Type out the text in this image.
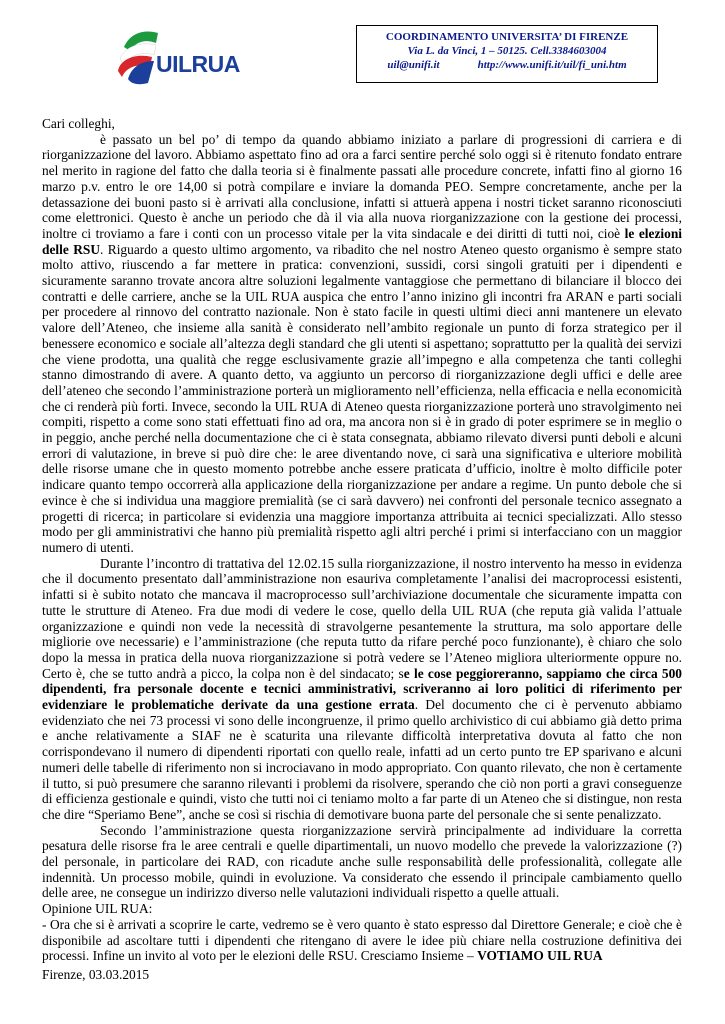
UILRUA
COORDINAMENTO UNIVERSITA’ DI FIRENZE
Via L. da Vinci, 1 – 50125. Cell.3384603004
uil@unifi.it	http://www.unifi.it/uil/fi_uni.htm

Cari colleghi,

è passato un bel po’ di tempo da quando abbiamo iniziato a parlare di progressioni di carriera e di riorganizzazione del lavoro. Abbiamo aspettato fino ad ora a farci sentire perché solo oggi si è ritenuto fondato entrare nel merito in ragione del fatto che dalla teoria si è finalmente passati alle procedure concrete, infatti fino al giorno 16 marzo p.v. entro le ore 14,00 si potrà compilare e inviare la domanda PEO. Sempre concretamente, anche per la detassazione dei buoni pasto si è arrivati alla conclusione, infatti si attuerà appena i nostri ticket saranno riconosciuti come elettronici. Questo è anche un periodo che dà il via alla nuova riorganizzazione con la gestione dei processi, inoltre ci troviamo a fare i conti con un processo vitale per la vita sindacale e dei diritti di tutti noi, cioè le elezioni delle RSU. Riguardo a questo ultimo argomento, va ribadito che nel nostro Ateneo questo organismo è sempre stato molto attivo, riuscendo a far mettere in pratica: convenzioni, sussidi, corsi singoli gratuiti per i dipendenti e sicuramente saranno trovate ancora altre soluzioni legalmente vantaggiose che permettano di bilanciare il blocco dei contratti e delle carriere, anche se la UIL RUA auspica che entro l’anno inizino gli incontri fra ARAN e parti sociali per procedere al rinnovo del contratto nazionale. Non è stato facile in questi ultimi dieci anni mantenere un elevato valore dell’Ateneo, che insieme alla sanità è considerato nell’ambito regionale un punto di forza strategico per il benessere economico e sociale all’altezza degli standard che gli utenti si aspettano; soprattutto per la qualità dei servizi che viene prodotta, una qualità che regge esclusivamente grazie all’impegno e alla competenza che tanti colleghi stanno dimostrando di avere. A quanto detto, va aggiunto un percorso di riorganizzazione degli uffici e delle aree dell’ateneo che secondo l’amministrazione porterà un miglioramento nell’efficienza, nella efficacia e nella economicità che ci renderà più forti. Invece, secondo la UIL RUA di Ateneo questa riorganizzazione porterà uno stravolgimento nei compiti, rispetto a come sono stati effettuati fino ad ora, ma ancora non si è in grado di poter esprimere se in meglio o in peggio, anche perché nella documentazione che ci è stata consegnata, abbiamo rilevato diversi punti deboli e alcuni errori di valutazione, in breve si può dire che: le aree diventando nove, ci sarà una significativa e ulteriore mobilità delle risorse umane che in questo momento potrebbe anche essere praticata d’ufficio, inoltre è molto difficile poter indicare quanto tempo occorrerà alla applicazione della riorganizzazione per andare a regime. Un punto debole che si evince è che si individua una maggiore premialità (se ci sarà davvero) nei confronti del personale tecnico assegnato a progetti di ricerca; in particolare si evidenzia una maggiore importanza attribuita ai tecnici specializzati. Allo stesso modo per gli amministrativi che hanno più premialità rispetto agli altri perché i primi si interfacciano con un maggior numero di utenti.

Durante l’incontro di trattativa del 12.02.15 sulla riorganizzazione, il nostro intervento ha messo in evidenza che il documento presentato dall’amministrazione non esauriva completamente l’analisi dei macroprocessi esistenti, infatti si è subito notato che mancava il macroprocesso sull’archiviazione documentale che sicuramente impatta con tutte le strutture di Ateneo. Fra due modi di vedere le cose, quello della UIL RUA (che reputa già valida l’attuale organizzazione e quindi non vede la necessità di stravolgerne pesantemente la struttura, ma solo apportare delle migliorie ove necessarie) e l’amministrazione (che reputa tutto da rifare perché poco funzionante), è chiaro che solo dopo la messa in pratica della nuova riorganizzazione si potrà vedere se l’Ateneo migliora ulteriormente oppure no. Certo è, che se tutto andrà a picco, la colpa non è del sindacato; se le cose peggioreranno, sappiamo che circa 500 dipendenti, fra personale docente e tecnici amministrativi, scriveranno ai loro politici di riferimento per evidenziare le problematiche derivate da una gestione errata. Del documento che ci è pervenuto abbiamo evidenziato che nei 73 processi vi sono delle incongruenze, il primo quello archivistico di cui abbiamo già detto prima e anche relativamente a SIAF ne è scaturita una rilevante difficoltà interpretativa dovuta al fatto che non corrispondevano il numero di dipendenti riportati con quello reale, infatti ad un certo punto tre EP sparivano e alcuni numeri delle tabelle di riferimento non si incrociavano in modo appropriato. Con quanto rilevato, che non è certamente il tutto, si può presumere che saranno rilevanti i problemi da risolvere, sperando che ciò non porti a gravi conseguenze di efficienza gestionale e quindi, visto che tutti noi ci teniamo molto a far parte di un Ateneo che si distingue, non resta che dire “Speriamo Bene”, anche se così si rischia di demotivare buona parte del personale che si sente penalizzato.

Secondo l’amministrazione questa riorganizzazione servirà principalmente ad individuare la corretta pesatura delle risorse fra le aree centrali e quelle dipartimentali, un nuovo modello che prevede la valorizzazione (?) del personale, in particolare dei RAD, con ricadute anche sulle responsabilità delle professionalità, collegate alle indennità. Un processo mobile, quindi in evoluzione. Va considerato che essendo il principale cambiamento quello delle aree, ne consegue un indirizzo diverso nelle valutazioni individuali rispetto a quelle attuali.

Opinione UIL RUA:

- Ora che si è arrivati a scoprire le carte, vedremo se è vero quanto è stato espresso dal Direttore Generale; e cioè che è disponibile ad ascoltare tutti i dipendenti che ritengano di avere le idee più chiare nella costruzione definitiva dei processi. Infine un invito al voto per le elezioni delle RSU. Cresciamo Insieme – VOTIAMO UIL RUA

Firenze, 03.03.2015
